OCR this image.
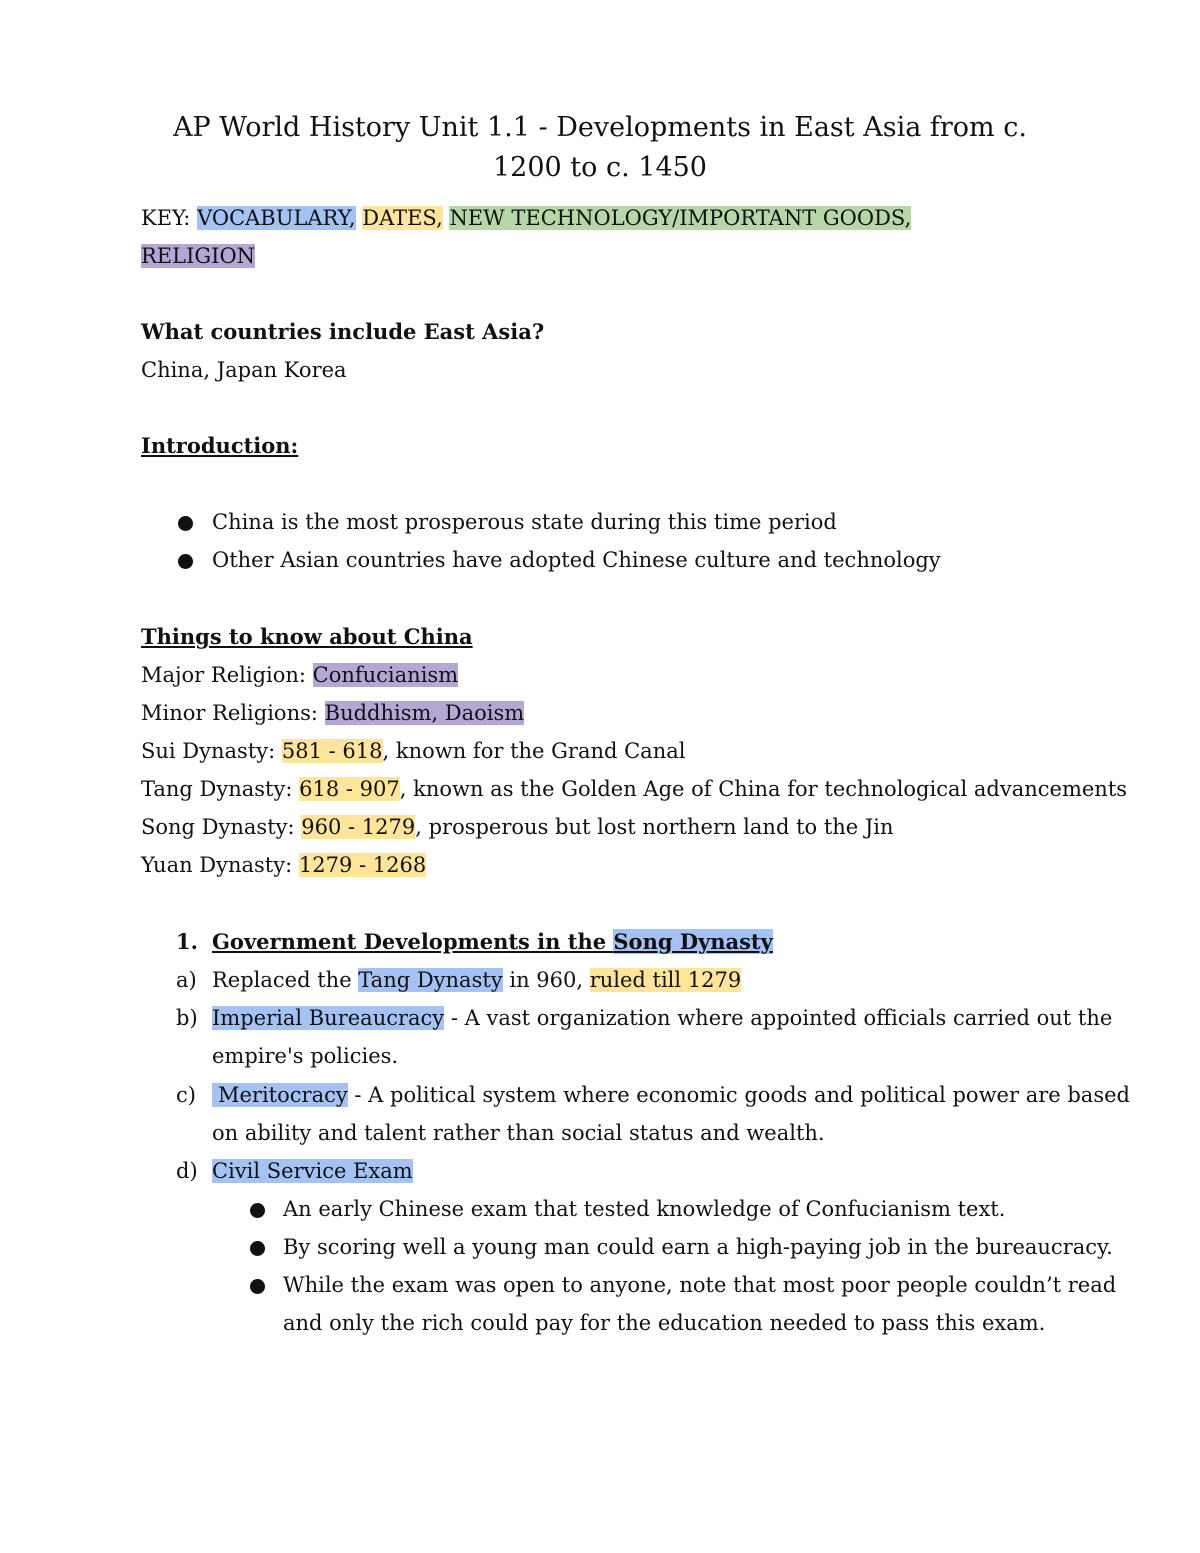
AP World History Unit 1.1 - Developments in East Asia from c. 1200 to c. 1450
KEY: VOCABULARY, DATES, NEW TECHNOLOGY/IMPORTANT GOODS,
RELIGION
What countries include East Asia?
China, Japan Korea
Introduction:
China is the most prosperous state during this time period
Other Asian countries have adopted Chinese culture and technology
Things to know about China
Major Religion: Confucianism
Minor Religions: Buddhism, Daoism
Sui Dynasty: 581 - 618, known for the Grand Canal
Tang Dynasty: 618 - 907, known as the Golden Age of China for technological advancements
Song Dynasty: 960 - 1279, prosperous but lost northern land to the Jin
Yuan Dynasty: 1279 - 1268
1. Government Developments in the Song Dynasty
a) Replaced the Tang Dynasty in 960, ruled till 1279
b) Imperial Bureaucracy - A vast organization where appointed officials carried out the
empire's policies.
c) Meritocracy - A political system where economic goods and political power are based
on ability and talent rather than social status and wealth.
d) Civil Service Exam
An early Chinese exam that tested knowledge of Confucianism text.
By scoring well a young man could earn a high-paying job in the bureaucracy.
While the exam was open to anyone, note that most poor people couldn’t read
and only the rich could pay for the education needed to pass this exam.
